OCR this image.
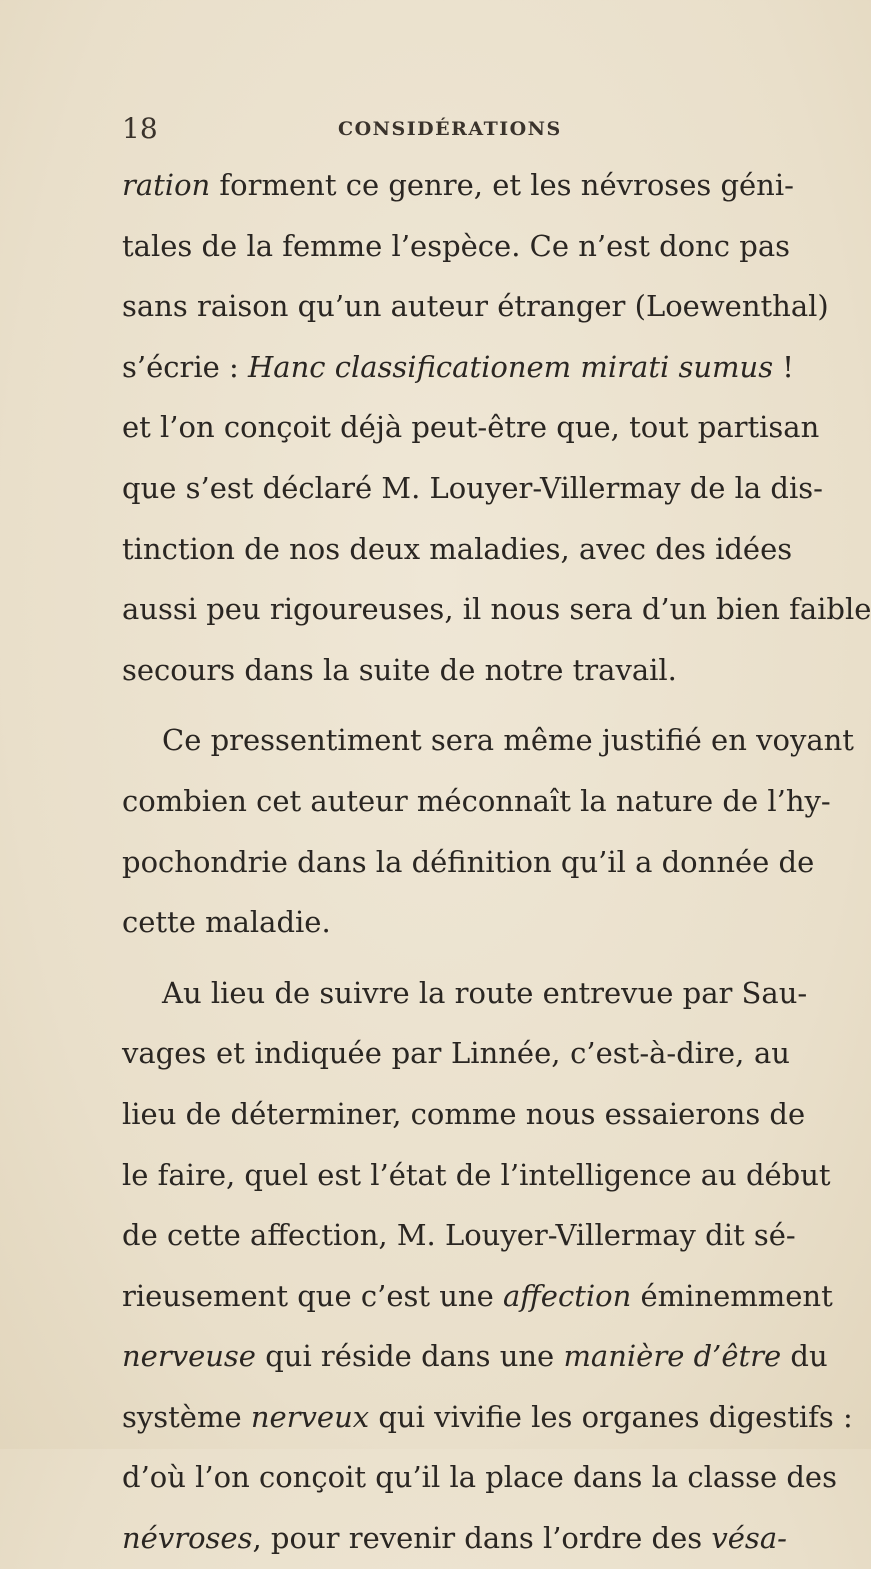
18	CONSIDÉRATIONS
ration forment ce genre, et les névroses géni-
tales de la femme l’espèce. Ce n’est donc pas
sans raison qu’un auteur étranger (Loewenthal)
s’écrie : Hanc classificationem mirati sumus !
et l’on conçoit déjà peut-être que, tout partisan
que s’est déclaré M. Louyer-Villermay de la dis-
tinction de nos deux maladies, avec des idées
aussi peu rigoureuses, il nous sera d’un bien faible
secours dans la suite de notre travail.
Ce pressentiment sera même justifié en voyant
combien cet auteur méconnaît la nature de l’hy-
pochondrie dans la définition qu’il a donnée de
cette maladie.
Au lieu de suivre la route entrevue par Sau-
vages et indiquée par Linnée, c’est-à-dire, au
lieu de déterminer, comme nous essaierons de
le faire, quel est l’état de l’intelligence au début
de cette affection, M. Louyer-Villermay dit sé-
rieusement que c’est une affection éminemment
nerveuse qui réside dans une manière d’être du
système nerveux qui vivifie les organes digestifs :
d’où l’on conçoit qu’il la place dans la classe des
névroses, pour revenir dans l’ordre des vésa-
